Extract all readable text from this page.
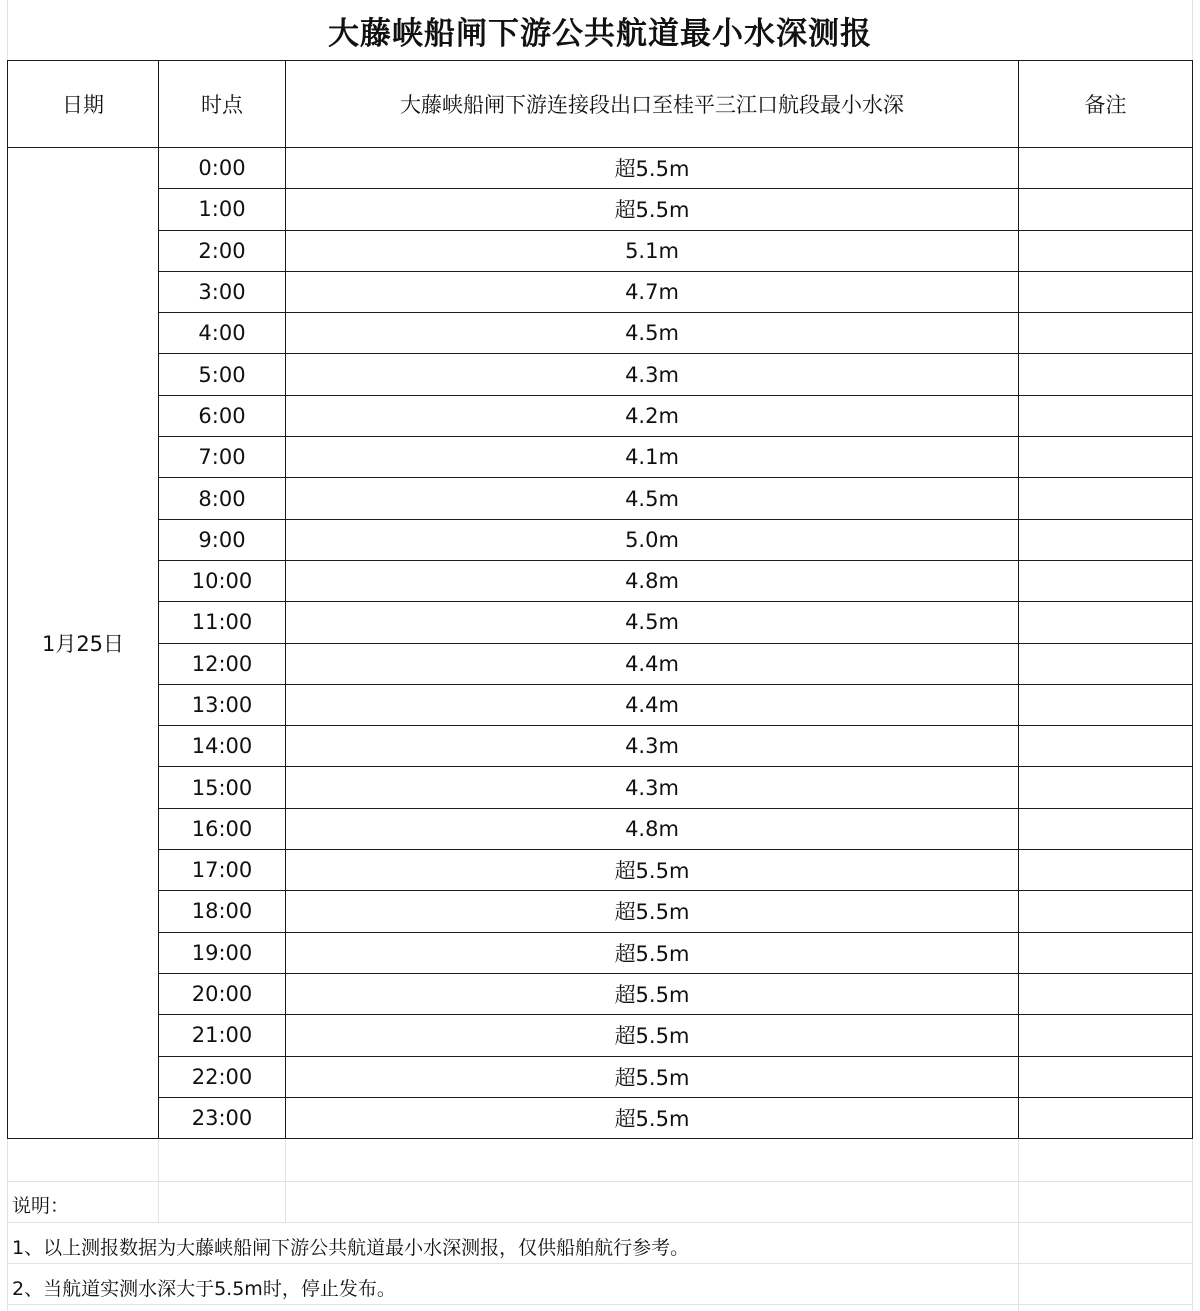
大藤峡船闸下游公共航道最小水深测报
日期	时点	大藤峡船闸下游连接段出口至桂平三江口航段最小水深	备注
1月25日	0:00	超5.5m	
	1:00	超5.5m	
	2:00	5.1m	
	3:00	4.7m	
	4:00	4.5m	
	5:00	4.3m	
	6:00	4.2m	
	7:00	4.1m	
	8:00	4.5m	
	9:00	5.0m	
	10:00	4.8m	
	11:00	4.5m	
	12:00	4.4m	
	13:00	4.4m	
	14:00	4.3m	
	15:00	4.3m	
	16:00	4.8m	
	17:00	超5.5m	
	18:00	超5.5m	
	19:00	超5.5m	
	20:00	超5.5m	
	21:00	超5.5m	
	22:00	超5.5m	
	23:00	超5.5m	
说明：
1、以上测报数据为大藤峡船闸下游公共航道最小水深测报，仅供船舶航行参考。
2、当航道实测水深大于5.5m时，停止发布。
